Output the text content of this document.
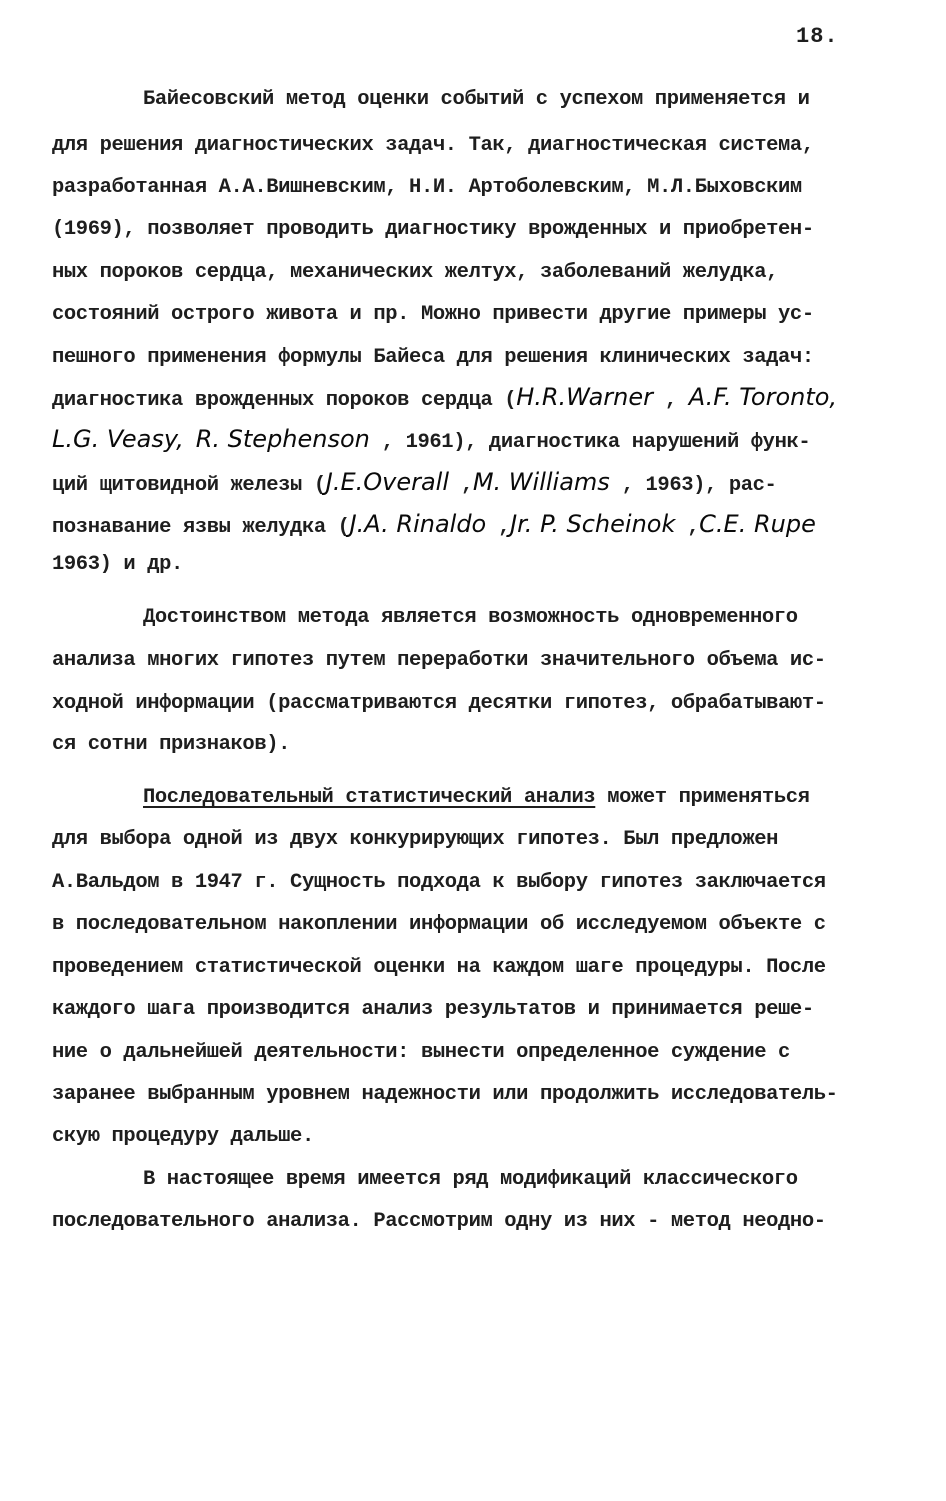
18.
Байесовский метод оценки событий с успехом применяется и
для решения диагностических задач. Так, диагностическая система,
разработанная А.А.Вишневским, Н.И. Артоболевским, М.Л.Быховским
(1969), позволяет проводить диагностику врожденных и приобретен-
ных пороков сердца, механических желтух, заболеваний желудка,
состояний острого живота и пр. Можно привести другие примеры ус-
пешного применения формулы Байеса для решения клинических задач:
диагностика врожденных пороков сердца (H.R.Warner , A.F. Toronto,
L.G. Veasy, R. Stephenson , 1961), диагностика нарушений функ-
ций щитовидной железы (J.E.Overall ,M. Williams , 1963), рас-
познавание язвы желудка (J.A. Rinaldo ,Jr. P. Scheinok ,C.E. Rupe
1963) и др.
Достоинством метода является возможность одновременного
анализа многих гипотез путем переработки значительного объема ис-
ходной информации (рассматриваются десятки гипотез, обрабатывают-
ся сотни признаков).
Последовательный статистический анализ может применяться
для выбора одной из двух конкурирующих гипотез. Был предложен
А.Вальдом в 1947 г. Сущность подхода к выбору гипотез заключается
в последовательном накоплении информации об исследуемом объекте с
проведением статистической оценки на каждом шаге процедуры. После
каждого шага производится анализ результатов и принимается реше-
ние о дальнейшей деятельности: вынести определенное суждение с
заранее выбранным уровнем надежности или продолжить исследователь-
скую процедуру дальше.
В настоящее время имеется ряд модификаций классического
последовательного анализа. Рассмотрим одну из них - метод неодно-
